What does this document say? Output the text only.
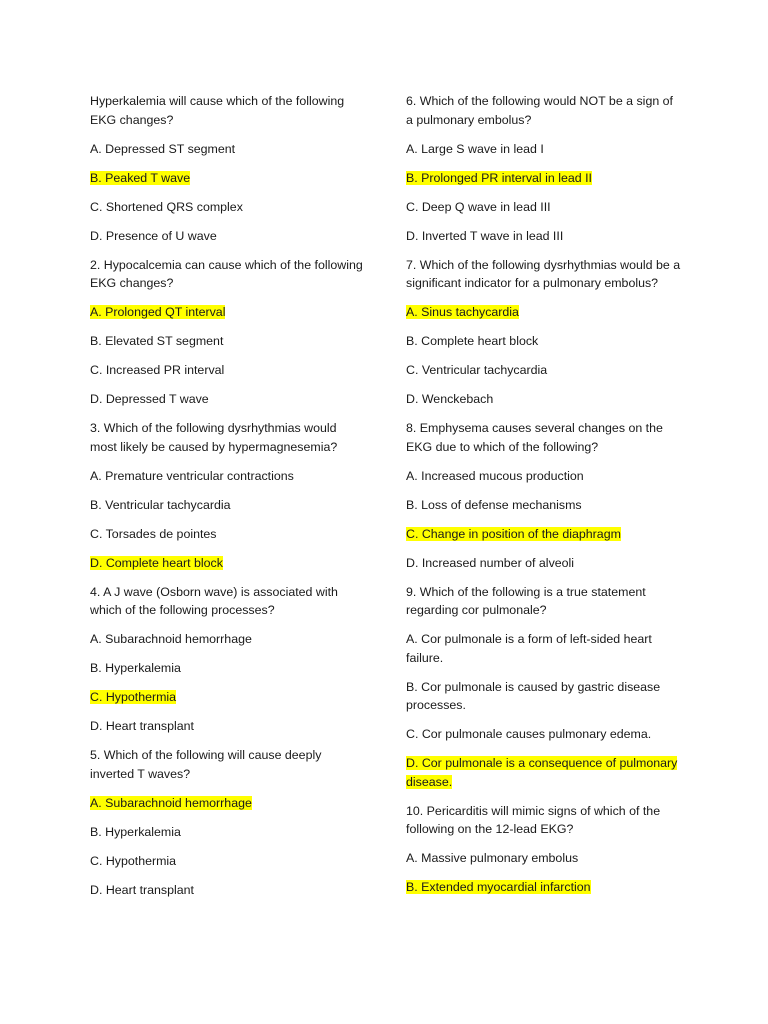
Hyperkalemia will cause which of the following EKG changes?

A. Depressed ST segment

B. Peaked T wave

C. Shortened QRS complex

D. Presence of U wave

2. Hypocalcemia can cause which of the following EKG changes?

A. Prolonged QT interval

B. Elevated ST segment

C. Increased PR interval

D. Depressed T wave

3. Which of the following dysrhythmias would most likely be caused by hypermagnesemia?

A. Premature ventricular contractions

B. Ventricular tachycardia

C. Torsades de pointes

D. Complete heart block

4. A J wave (Osborn wave) is associated with which of the following processes?

A. Subarachnoid hemorrhage

B. Hyperkalemia

C. Hypothermia

D. Heart transplant

5. Which of the following will cause deeply inverted T waves?

A. Subarachnoid hemorrhage

B. Hyperkalemia

C. Hypothermia

D. Heart transplant

6. Which of the following would NOT be a sign of a pulmonary embolus?

A. Large S wave in lead I

B. Prolonged PR interval in lead II

C. Deep Q wave in lead III

D. Inverted T wave in lead III

7. Which of the following dysrhythmias would be a significant indicator for a pulmonary embolus?

A. Sinus tachycardia

B. Complete heart block

C. Ventricular tachycardia

D. Wenckebach

8. Emphysema causes several changes on the EKG due to which of the following?

A. Increased mucous production

B. Loss of defense mechanisms

C. Change in position of the diaphragm

D. Increased number of alveoli

9. Which of the following is a true statement regarding cor pulmonale?

A. Cor pulmonale is a form of left-sided heart failure.

B. Cor pulmonale is caused by gastric disease processes.

C. Cor pulmonale causes pulmonary edema.

D. Cor pulmonale is a consequence of pulmonary disease.

10. Pericarditis will mimic signs of which of the following on the 12-lead EKG?

A. Massive pulmonary embolus

B. Extended myocardial infarction
